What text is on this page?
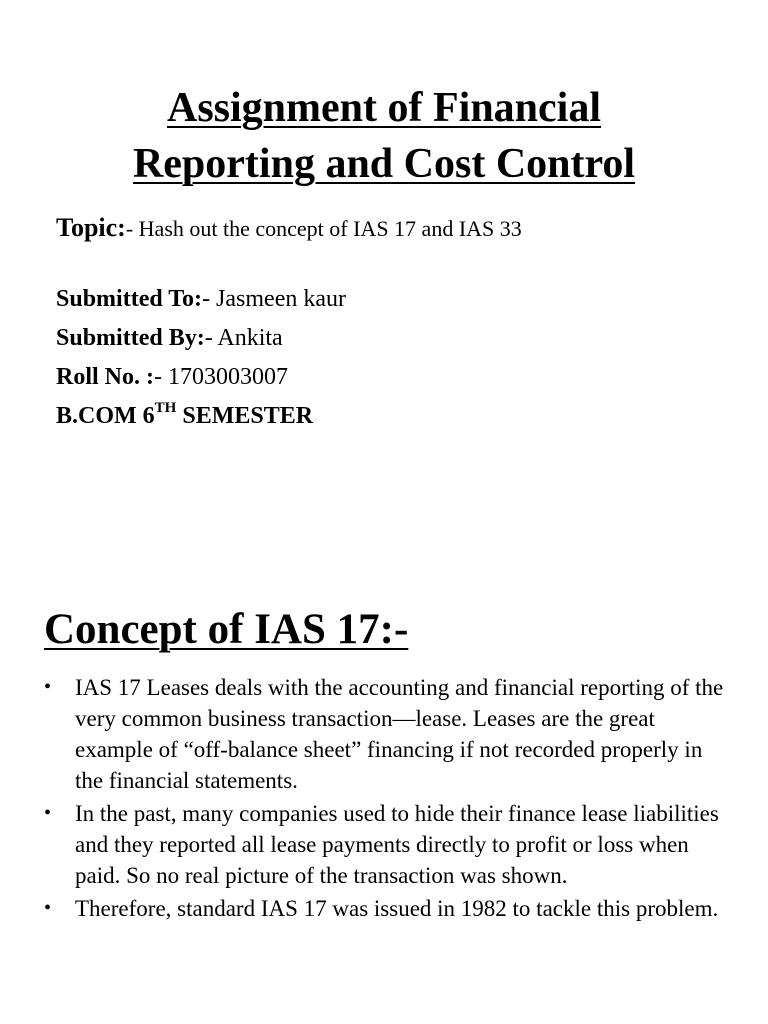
Assignment of Financial
Reporting and Cost Control
Topic:- Hash out the concept of IAS 17 and IAS 33
Submitted To:- Jasmeen kaur
Submitted By:- Ankita
Roll No. :- 1703003007
B.COM 6TH SEMESTER
Concept of IAS 17:-
• IAS 17 Leases deals with the accounting and financial reporting of the very common business transaction—lease. Leases are the great example of “off-balance sheet” financing if not recorded properly in the financial statements.
• In the past, many companies used to hide their finance lease liabilities and they reported all lease payments directly to profit or loss when paid. So no real picture of the transaction was shown.
• Therefore, standard IAS 17 was issued in 1982 to tackle this problem.
